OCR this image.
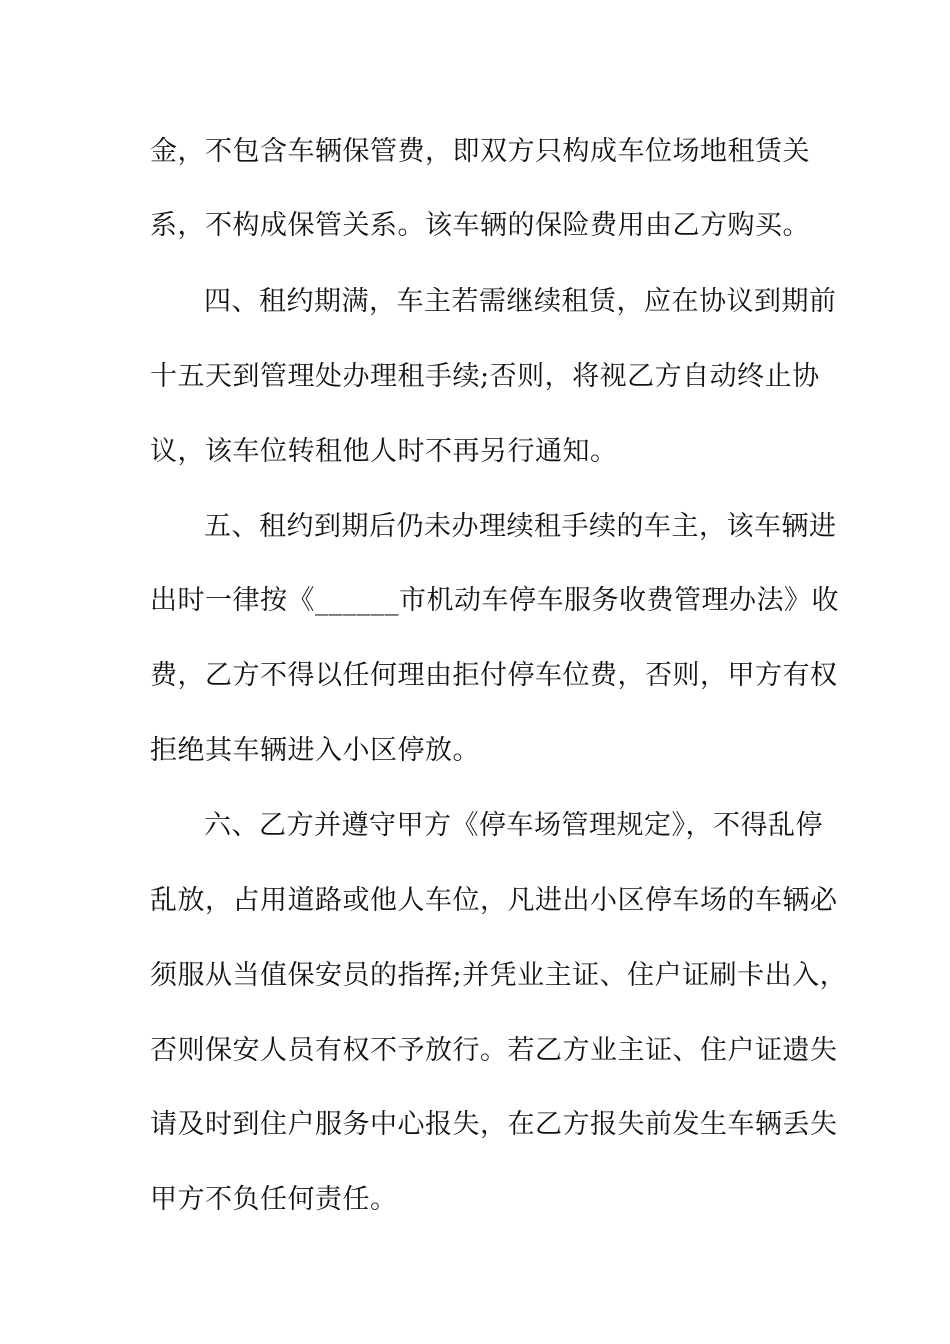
金，不包含车辆保管费，即双方只构成车位场地租赁关
系，不构成保管关系。该车辆的保险费用由乙方购买。
四、租约期满，车主若需继续租赁，应在协议到期前
十五天到管理处办理租手续;否则，将视乙方自动终止协
议，该车位转租他人时不再另行通知。
五、租约到期后仍未办理续租手续的车主，该车辆进
出时一律按《______市机动车停车服务收费管理办法》收
费，乙方不得以任何理由拒付停车位费，否则，甲方有权
拒绝其车辆进入小区停放。
六、乙方并遵守甲方《停车场管理规定》，不得乱停
乱放，占用道路或他人车位，凡进出小区停车场的车辆必
须服从当值保安员的指挥;并凭业主证、住户证刷卡出入，
否则保安人员有权不予放行。若乙方业主证、住户证遗失
请及时到住户服务中心报失，在乙方报失前发生车辆丢失
甲方不负任何责任。
